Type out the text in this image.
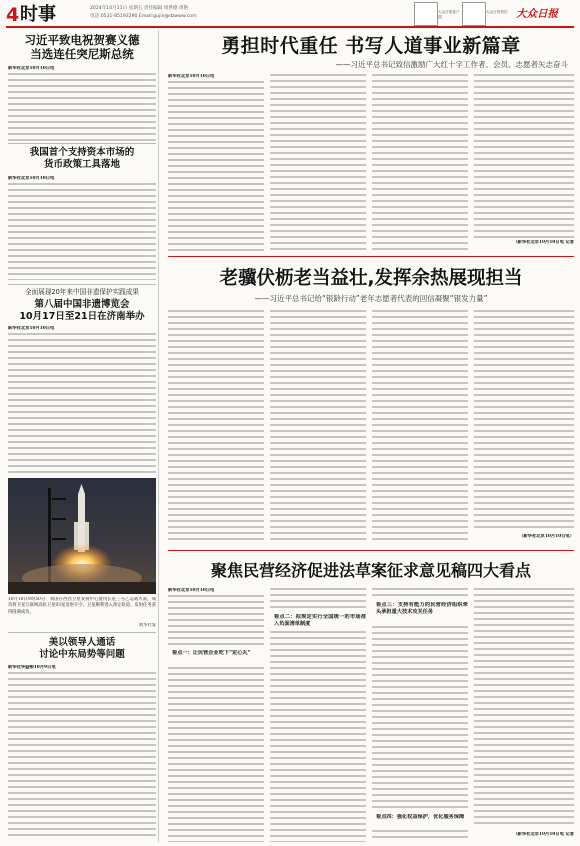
4 时事	2024年10月11日 星期五 责任编辑 周世德 周艳
电话:0531-85193290 Email:gujin@dzwww.com
大众日报客户端
大众日报微信 大众日报
习近平致电祝贺赛义德
当选连任突尼斯总统
新华社北京10月10日电
我国首个支持资本市场的
货币政策工具落地
新华社北京10月10日电
全面展现20年来中国非遗保护实践成果
第八届中国非遗博览会
10月17日至21日在济南举办
新华社北京10月10日电
10月10日9时50分，我国在西昌卫星发射中心使用长征三号乙运载火箭，成功将卫星互联网高轨卫星03星发射升空，卫星顺利进入预定轨道，发射任务获得圆满成功。
新华社发
美以领导人通话
讨论中东局势等问题
新华社华盛顿10月9日电
勇担时代重任 书写人道事业新篇章
——习近平总书记致信激励广大红十字工作者、会员、志愿者矢志奋斗
新华社北京10月10日电
（新华社北京10月10日电 记者
老骥伏枥老当益壮,发挥余热展现担当
——习近平总书记给“银龄行动”老年志愿者代表的回信凝聚“银发力量”
（新华社北京10月10日电）
聚焦民营经济促进法草案征求意见稿四大看点
新华社北京10月10日电
看点一：让民营企业吃下“定心丸”
看点二：拟规定实行全国统一的市场准入负面清单制度
看点三：支持有能力的民营经济组织牵头承担重大技术攻关任务
看点四：强化权益保护，优化服务保障
（新华社北京10月10日电 记者
